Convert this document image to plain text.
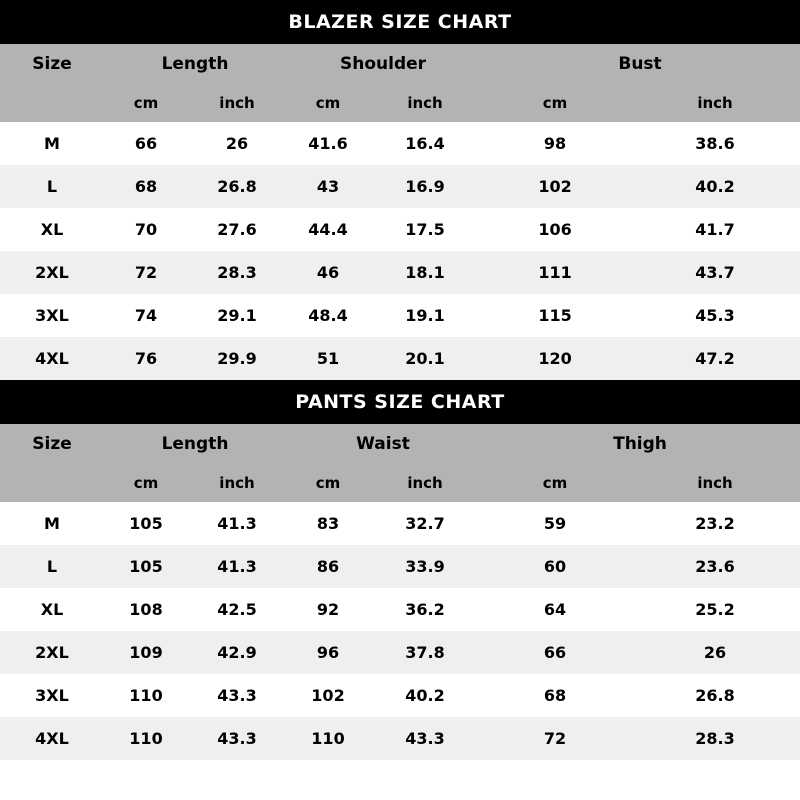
BLAZER SIZE CHART
Size	Length		Shoulder		Bust	
	cm	inch	cm	inch	cm	inch
M	66	26	41.6	16.4	98	38.6
L	68	26.8	43	16.9	102	40.2
XL	70	27.6	44.4	17.5	106	41.7
2XL	72	28.3	46	18.1	111	43.7
3XL	74	29.1	48.4	19.1	115	45.3
4XL	76	29.9	51	20.1	120	47.2
PANTS SIZE CHART
Size	Length		Waist		Thigh	
	cm	inch	cm	inch	cm	inch
M	105	41.3	83	32.7	59	23.2
L	105	41.3	86	33.9	60	23.6
XL	108	42.5	92	36.2	64	25.2
2XL	109	42.9	96	37.8	66	26
3XL	110	43.3	102	40.2	68	26.8
4XL	110	43.3	110	43.3	72	28.3
